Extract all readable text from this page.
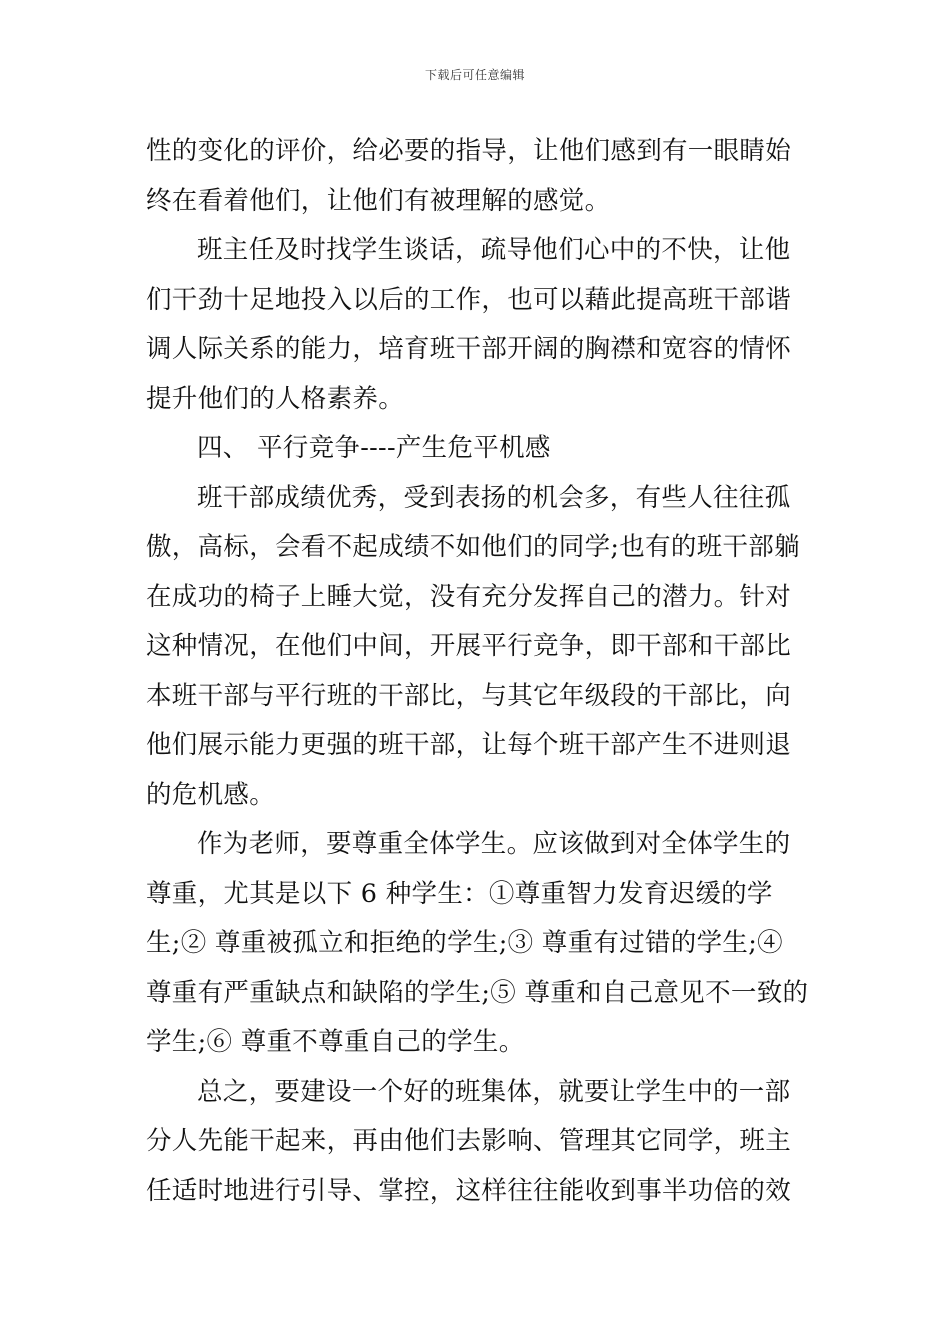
下载后可任意编辑
性的变化的评价，给必要的指导，让他们感到有一眼睛始
终在看着他们，让他们有被理解的感觉。
班主任及时找学生谈话，疏导他们心中的不快，让他
们干劲十足地投入以后的工作，也可以藉此提高班干部谐
调人际关系的能力，培育班干部开阔的胸襟和宽容的情怀
提升他们的人格素养。
四、 平行竞争----产生危平机感
班干部成绩优秀，受到表扬的机会多，有些人往往孤
傲，高标，会看不起成绩不如他们的同学;也有的班干部躺
在成功的椅子上睡大觉，没有充分发挥自己的潜力。针对
这种情况，在他们中间，开展平行竞争，即干部和干部比
本班干部与平行班的干部比，与其它年级段的干部比，向
他们展示能力更强的班干部，让每个班干部产生不进则退
的危机感。
作为老师，要尊重全体学生。应该做到对全体学生的
尊重，尤其是以下 6 种学生：①尊重智力发育迟缓的学
生;② 尊重被孤立和拒绝的学生;③ 尊重有过错的学生;④
尊重有严重缺点和缺陷的学生;⑤ 尊重和自己意见不一致的
学生;⑥ 尊重不尊重自己的学生。
总之，要建设一个好的班集体，就要让学生中的一部
分人先能干起来，再由他们去影响、管理其它同学，班主
任适时地进行引导、掌控，这样往往能收到事半功倍的效
